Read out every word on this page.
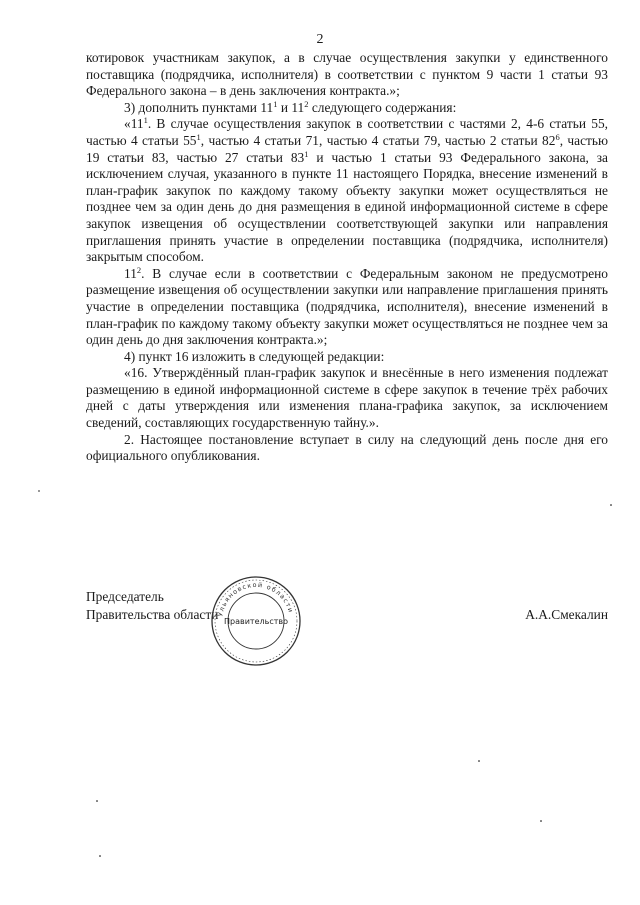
2

котировок участникам закупок, а в случае осуществления закупки у единственного поставщика (подрядчика, исполнителя) в соответствии с пунктом 9 части 1 статьи 93 Федерального закона – в день заключения контракта.»;

3) дополнить пунктами $11^1$ и $11^2$ следующего содержания:

«$11^1$. В случае осуществления закупок в соответствии с частями 2, 4-6 статьи 55, частью 4 статьи $55^1$, частью 4 статьи 71, частью 4 статьи 79, частью 2 статьи $82^6$, частью 19 статьи 83, частью 27 статьи $83^1$ и частью 1 статьи 93 Федерального закона, за исключением случая, указанного в пункте 11 настоящего Порядка, внесение изменений в план-график закупок по каждому такому объекту закупки может осуществляться не позднее чем за один день до дня размещения в единой информационной системе в сфере закупок извещения об осуществлении соответствующей закупки или направления приглашения принять участие в определении поставщика (подрядчика, исполнителя) закрытым способом.

$11^2$. В случае если в соответствии с Федеральным законом не предусмотрено размещение извещения об осуществлении закупки или направление приглашения принять участие в определении поставщика (подрядчика, исполнителя), внесение изменений в план-график по каждому такому объекту закупки может осуществляться не позднее чем за один день до дня заключения контракта.»;

4) пункт 16 изложить в следующей редакции:

«16. Утверждённый план-график закупок и внесённые в него изменения подлежат размещению в единой информационной системе в сфере закупок в течение трёх рабочих дней с даты утверждения или изменения плана-графика закупок, за исключением сведений, составляющих государственную тайну.».

2. Настоящее постановление вступает в силу на следующий день после дня его официального опубликования.

Председатель
Правительства области	А.А.Смекалин
Ульяновской области
Правительство
